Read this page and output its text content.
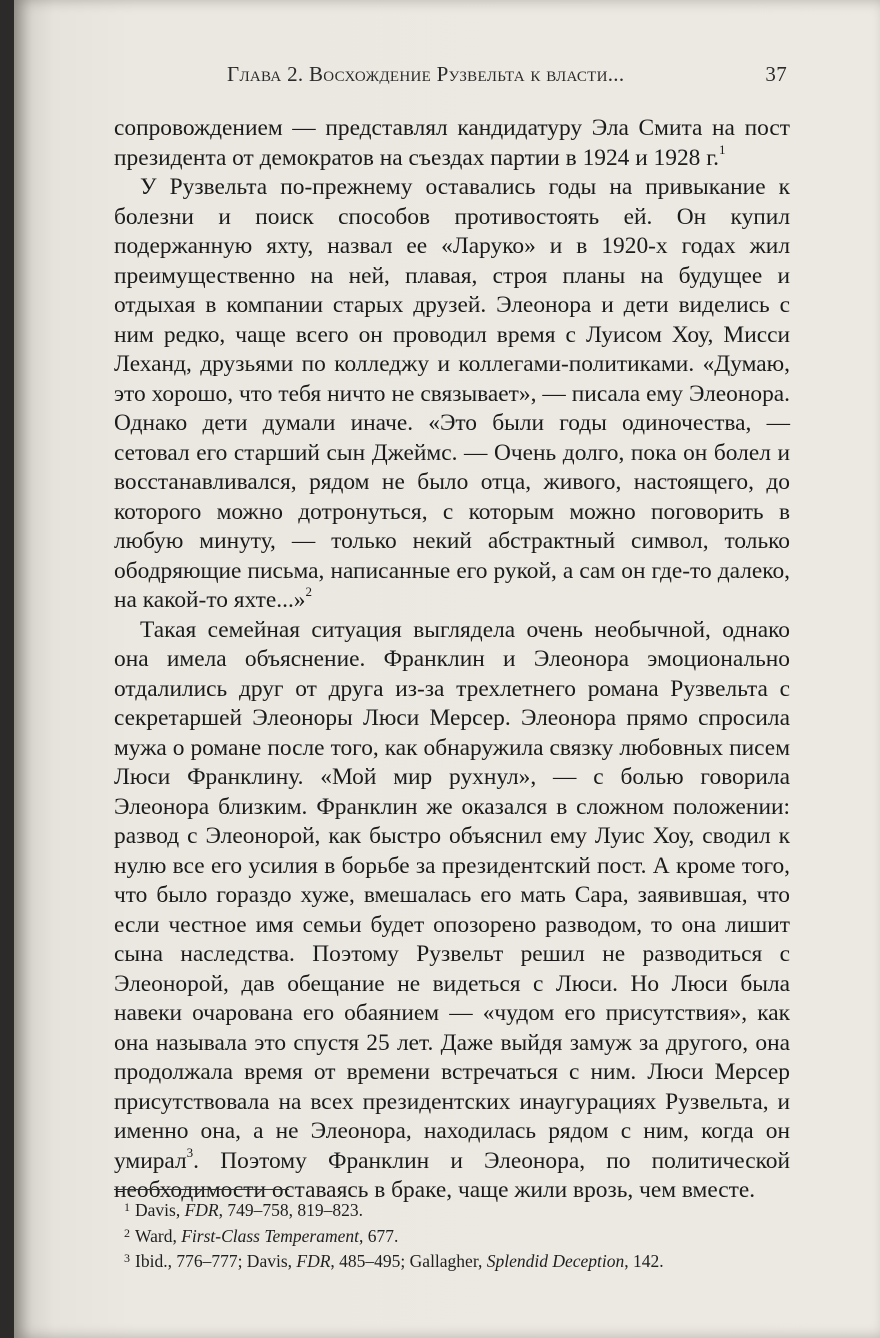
Глава 2. Восхождение Рузвельта к власти...	37

сопровождением — представлял кандидатуру Эла Смита на пост президента от демократов на съездах партии в 1924 и 1928 г.$^1$

У Рузвельта по-прежнему оставались годы на привыкание к болезни и поиск способов противостоять ей. Он купил подержанную яхту, назвал ее «Ларуко» и в 1920-х годах жил преимущественно на ней, плавая, строя планы на будущее и отдыхая в компании старых друзей. Элеонора и дети виделись с ним редко, чаще всего он проводил время с Луисом Хоу, Мисси Леханд, друзьями по колледжу и коллегами-политиками. «Думаю, это хорошо, что тебя ничто не связывает», — писала ему Элеонора. Однако дети думали иначе. «Это были годы одиночества, — сетовал его старший сын Джеймс. — Очень долго, пока он болел и восстанавливался, рядом не было отца, живого, настоящего, до которого можно дотронуться, с которым можно поговорить в любую минуту, — только некий абстрактный символ, только ободряющие письма, написанные его рукой, а сам он где-то далеко, на какой-то яхте...»$^2$

Такая семейная ситуация выглядела очень необычной, однако она имела объяснение. Франклин и Элеонора эмоционально отдалились друг от друга из-за трехлетнего романа Рузвельта с секретаршей Элеоноры Люси Мерсер. Элеонора прямо спросила мужа о романе после того, как обнаружила связку любовных писем Люси Франклину. «Мой мир рухнул», — с болью говорила Элеонора близким. Франклин же оказался в сложном положении: развод с Элеонорой, как быстро объяснил ему Луис Хоу, сводил к нулю все его усилия в борьбе за президентский пост. А кроме того, что было гораздо хуже, вмешалась его мать Сара, заявившая, что если честное имя семьи будет опозорено разводом, то она лишит сына наследства. Поэтому Рузвельт решил не разводиться с Элеонорой, дав обещание не видеться с Люси. Но Люси была навеки очарована его обаянием — «чудом его присутствия», как она называла это спустя 25 лет. Даже выйдя замуж за другого, она продолжала время от времени встречаться с ним. Люси Мерсер присутствовала на всех президентских инаугурациях Рузвельта, и именно она, а не Элеонора, находилась рядом с ним, когда он умирал$^3$. Поэтому Франклин и Элеонора, по политической необходимости оставаясь в браке, чаще жили врозь, чем вместе.

$^1$ Davis, FDR, 749–758, 819–823.
$^2$ Ward, First-Class Temperament, 677.
$^3$ Ibid., 776–777; Davis, FDR, 485–495; Gallagher, Splendid Deception, 142.
